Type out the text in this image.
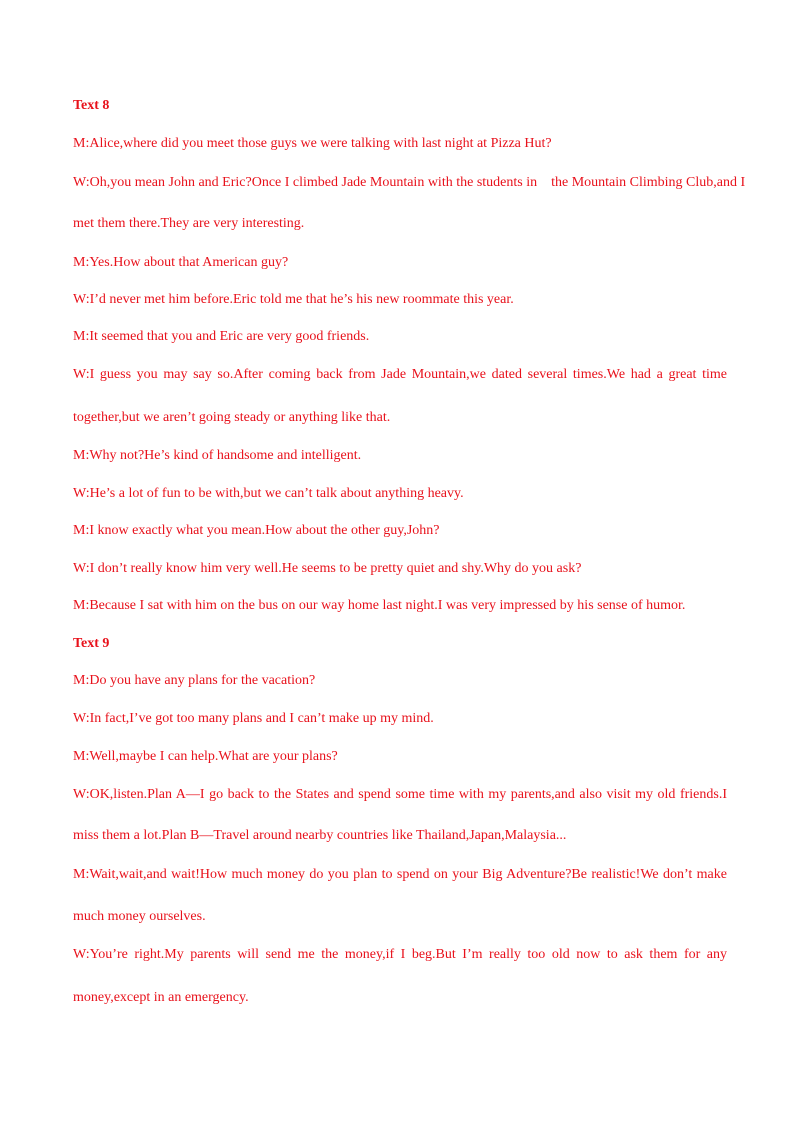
Text 8
M:Alice,where did you meet those guys we were talking with last night at Pizza Hut?
W:Oh,you mean John and Eric?Once I climbed Jade Mountain with the students in    the Mountain Climbing Club,and I
met them there.They are very interesting.
M:Yes.How about that American guy?
W:I’d never met him before.Eric told me that he’s his new roommate this year.
M:It seemed that you and Eric are very good friends.
W:I guess you may say so.After coming back from Jade Mountain,we dated several times.We had a great time
together,but we aren’t going steady or anything like that.
M:Why not?He’s kind of handsome and intelligent.
W:He’s a lot of fun to be with,but we can’t talk about anything heavy.
M:I know exactly what you mean.How about the other guy,John?
W:I don’t really know him very well.He seems to be pretty quiet and shy.Why do you ask?
M:Because I sat with him on the bus on our way home last night.I was very impressed by his sense of humor.
Text 9
M:Do you have any plans for the vacation?
W:In fact,I’ve got too many plans and I can’t make up my mind.
M:Well,maybe I can help.What are your plans?
W:OK,listen.Plan A—I go back to the States and spend some time with my parents,and also visit my old friends.I
miss them a lot.Plan B—Travel around nearby countries like Thailand,Japan,Malaysia...
M:Wait,wait,and wait!How much money do you plan to spend on your Big Adventure?Be realistic!We don’t make
much money ourselves.
W:You’re right.My parents will send me the money,if I beg.But I’m really too old now to ask them for any
money,except in an emergency.
